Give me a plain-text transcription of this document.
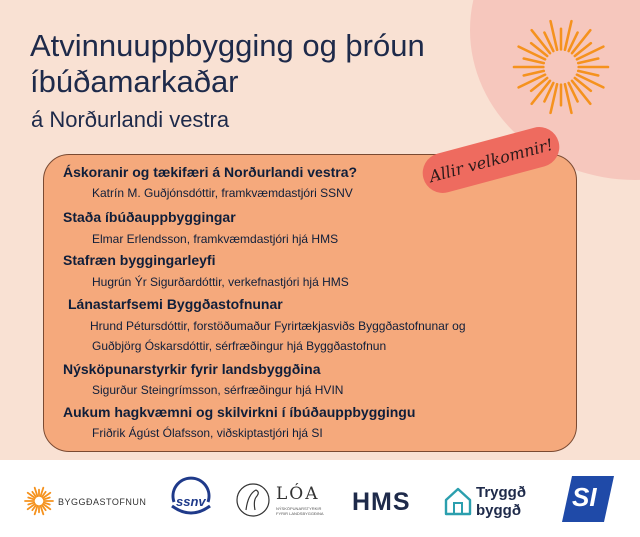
Atvinnuuppbygging og þróun
íbúðamarkaðar
á Norðurlandi vestra
Allir velkomnir!
Áskoranir og tækifæri á Norðurlandi vestra?
Katrín M. Guðjónsdóttir, framkvæmdastjóri SSNV
Staða íbúðauppbyggingar
Elmar Erlendsson, framkvæmdastjóri hjá HMS
Stafræn byggingarleyfi
Hugrún Ýr Sigurðardóttir, verkefnastjóri hjá HMS
Lánastarfsemi Byggðastofnunar
Hrund Pétursdóttir, forstöðumaður Fyrirtækjasviðs Byggðastofnunar og
Guðbjörg Óskarsdóttir, sérfræðingur hjá Byggðastofnun
Nýsköpunarstyrkir fyrir landsbyggðina
Sigurður Steingrímsson, sérfræðingur hjá HVIN
Aukum hagkvæmni og skilvirkni í íbúðauppbyggingu
Friðrik Ágúst Ólafsson, viðskiptastjóri hjá SI
BYGGÐASTOFNUN ssnv	LÓA
NÝSKÖPUNARSTYRKIR
FYRIR LANDSBYGGÐINA HMS	Tryggð
byggð SI
